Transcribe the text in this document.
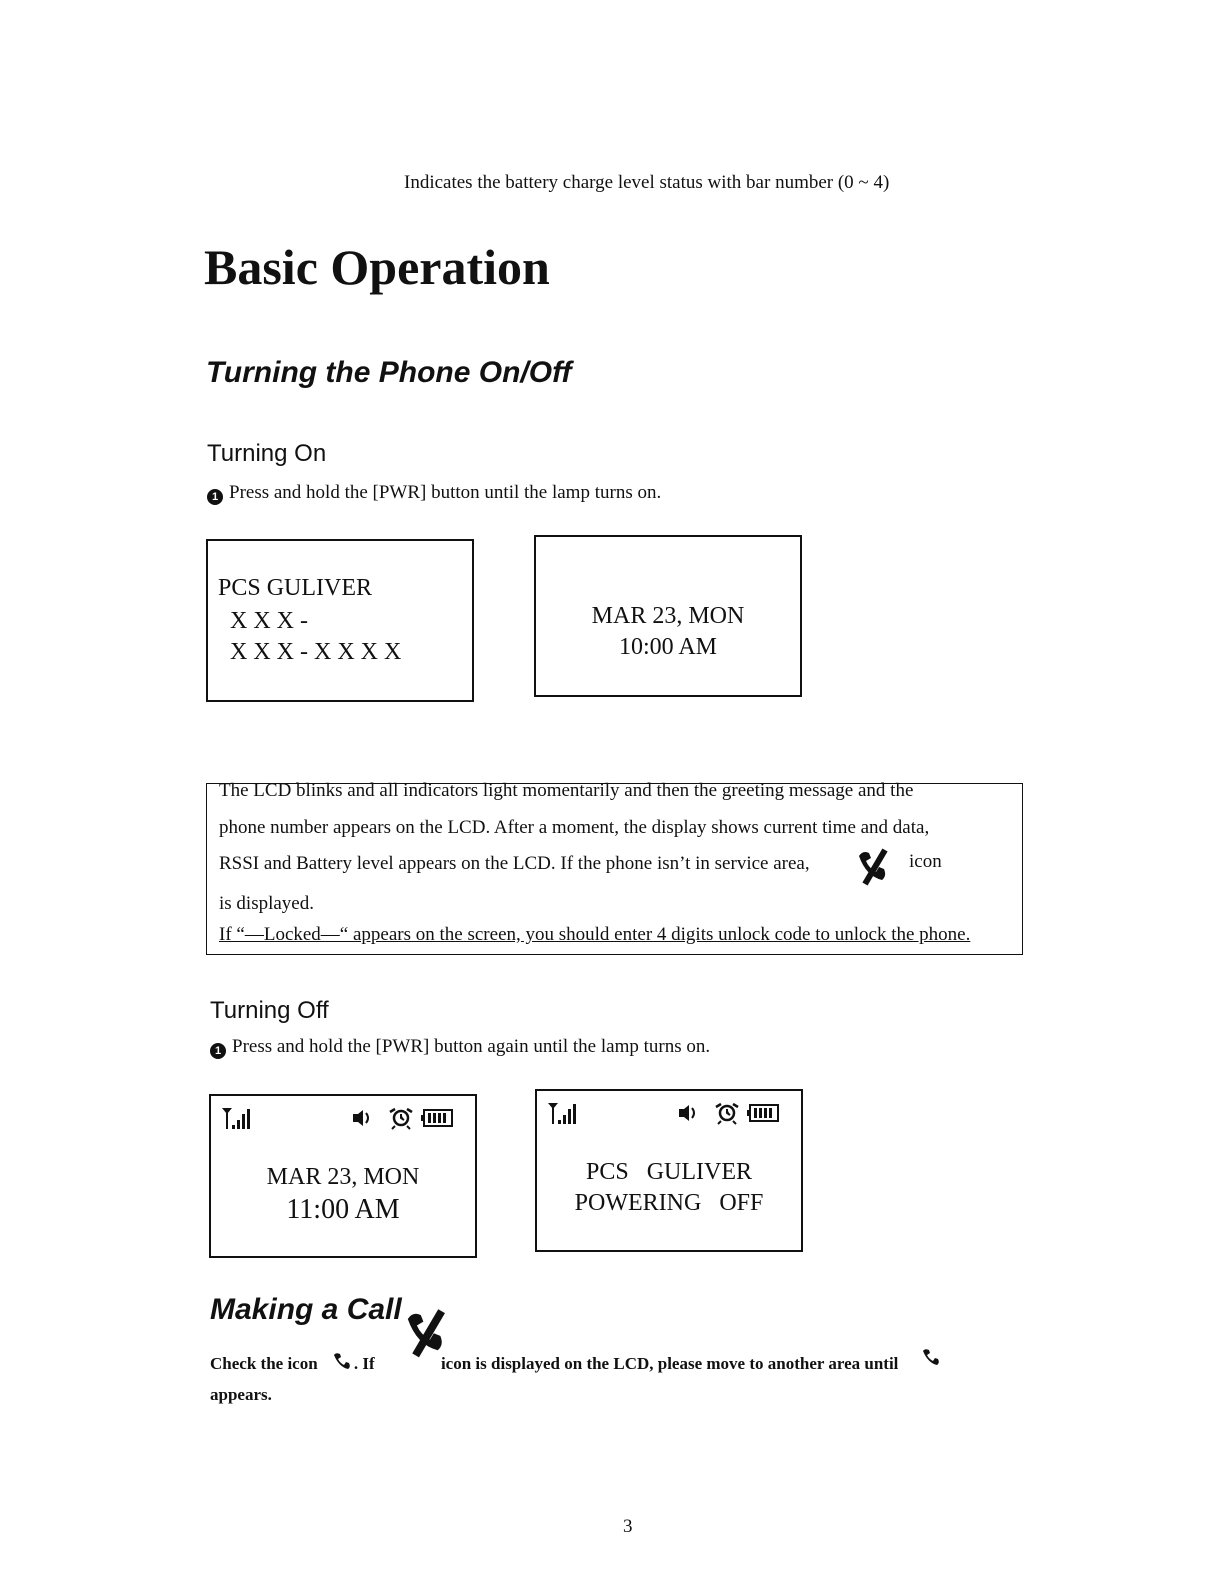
Indicates the battery charge level status with bar number (0 ~ 4)
Basic Operation
Turning the Phone On/Off
Turning On
1 Press and hold the [PWR] button until the lamp turns on.
PCS GULIVER
X X X -
X X X - X X X X
MAR 23, MON
10:00 AM
The LCD blinks and all indicators light momentarily and then the greeting message and the
phone number appears on the LCD. After a moment, the display shows current time and data,
RSSI and Battery level appears on the LCD. If the phone isn’t in service area,	icon
is displayed.
If “—Locked—“ appears on the screen, you should enter 4 digits unlock code to unlock the phone.
Turning Off
1 Press and hold the [PWR] button again until the lamp turns on.
MAR 23, MON
11:00 AM
PCS   GULIVER
POWERING   OFF
Making a Call
Check the icon . If	icon is displayed on the LCD, please move to another area until
appears.
3
